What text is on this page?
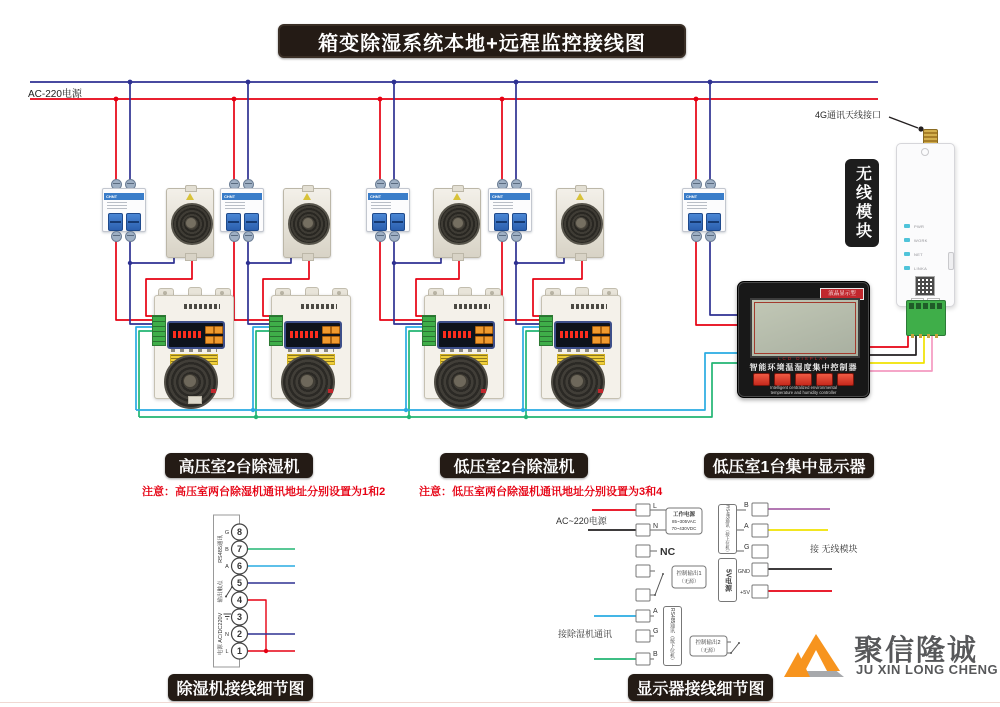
8
7
6
5
4
3
2
1
G
B
A
N
L
RS485通讯
输出触点
电源 AC/DC220V
工作电源
85~305VAC
70~430VDC
控制输出1
（无源）
控制输出2
（无源）
L
N
NC
A
G
B
B
A
G
GND
+5V
AC~220电源
接除湿机通讯
接 无线模块
箱变除湿系统本地+远程监控接线图
AC-220电源
CHNT	CHNT	CHNT	CHNT	CHNT
液晶显示型
LCD DISPLAY
智能环境温湿度集中控制器
Intelligent centralized environmental
temperature and humidity controller
PWR
WORK
NET
LINKA
无线模块
4G通讯天线接口
高压室2台除湿机
注意：高压室两台除湿机通讯地址分别设置为1和2
低压室2台除湿机
注意：低压室两台除湿机通讯地址分别设置为3和4
低压室1台集中显示器
RS485通讯（接下位机）
RS485通讯（接上位机）
5V电源
除湿机接线细节图	显示器接线细节图
聚信隆诚
JU XIN LONG CHENG
